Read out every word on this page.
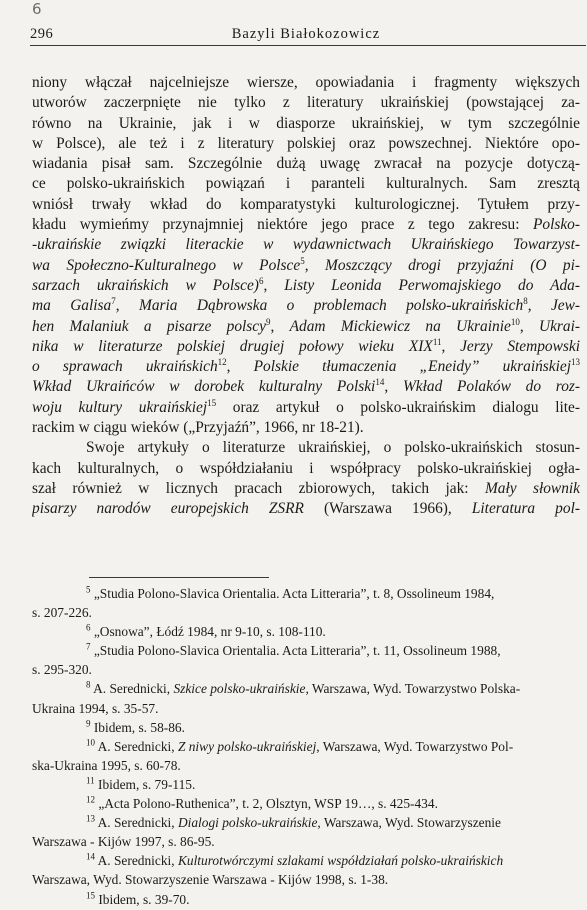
6
296	Bazyli Białokozowicz
niony włączał najcelniejsze wiersze, opowiadania i fragmenty większych
utworów zaczerpnięte nie tylko z literatury ukraińskiej (powstającej za-
równo na Ukrainie, jak i w diasporze ukraińskiej, w tym szczególnie
w Polsce), ale też i z literatury polskiej oraz powszechnej. Niektóre opo-
wiadania pisał sam. Szczególnie dużą uwagę zwracał na pozycje dotyczą-
ce polsko-ukraińskich powiązań i paranteli kulturalnych. Sam zresztą
wniósł trwały wkład do komparatystyki kulturologicznej. Tytułem przy-
kładu wymieńmy przynajmniej niektóre jego prace z tego zakresu: Polsko-
-ukraińskie związki literackie w wydawnictwach Ukraińskiego Towarzyst-
wa Społeczno-Kulturalnego w Polsce$^5$, Moszczący drogi przyjaźni (O pi-
sarzach ukraińskich w Polsce)$^6$, Listy Leonida Perwomajskiego do Ada-
ma Galisa$^7$, Maria Dąbrowska o problemach polsko-ukraińskich$^8$, Jew-
hen Malaniuk a pisarze polscy$^9$, Adam Mickiewicz na Ukrainie$^{10}$, Ukrai-
nika w literaturze polskiej drugiej połowy wieku XIX$^{11}$, Jerzy Stempowski
o sprawach ukraińskich$^{12}$, Polskie tłumaczenia „Eneidy” ukraińskiej$^{13}$
Wkład Ukraińców w dorobek kulturalny Polski$^{14}$, Wkład Polaków do roz-
woju kultury ukraińskiej$^{15}$ oraz artykuł o polsko-ukraińskim dialogu lite-
rackim w ciągu wieków („Przyjaźń”, 1966, nr 18-21).
Swoje artykuły o literaturze ukraińskiej, o polsko-ukraińskich stosun-
kach kulturalnych, o współdziałaniu i współpracy polsko-ukraińskiej ogła-
szał również w licznych pracach zbiorowych, takich jak: Mały słownik
pisarzy narodów europejskich ZSRR (Warszawa 1966), Literatura pol-
$^5$ „Studia Polono-Slavica Orientalia. Acta Litteraria”, t. 8, Ossolineum 1984,
s. 207-226.
$^6$ „Osnowa”, Łódź 1984, nr 9-10, s. 108-110.
$^7$ „Studia Polono-Slavica Orientalia. Acta Litteraria”, t. 11, Ossolineum 1988,
s. 295-320.
$^8$ A. Serednicki, Szkice polsko-ukraińskie, Warszawa, Wyd. Towarzystwo Polska-
Ukraina 1994, s. 35-57.
$^9$ Ibidem, s. 58-86.
$^{10}$ A. Serednicki, Z niwy polsko-ukraińskiej, Warszawa, Wyd. Towarzystwo Pol-
ska-Ukraina 1995, s. 60-78.
$^{11}$ Ibidem, s. 79-115.
$^{12}$ „Acta Polono-Ruthenica”, t. 2, Olsztyn, WSP 19…, s. 425-434.
$^{13}$ A. Serednicki, Dialogi polsko-ukraińskie, Warszawa, Wyd. Stowarzyszenie
Warszawa - Kijów 1997, s. 86-95.
$^{14}$ A. Serednicki, Kulturotwórczymi szlakami współdziałań polsko-ukraińskich
Warszawa, Wyd. Stowarzyszenie Warszawa - Kijów 1998, s. 1-38.
$^{15}$ Ibidem, s. 39-70.
